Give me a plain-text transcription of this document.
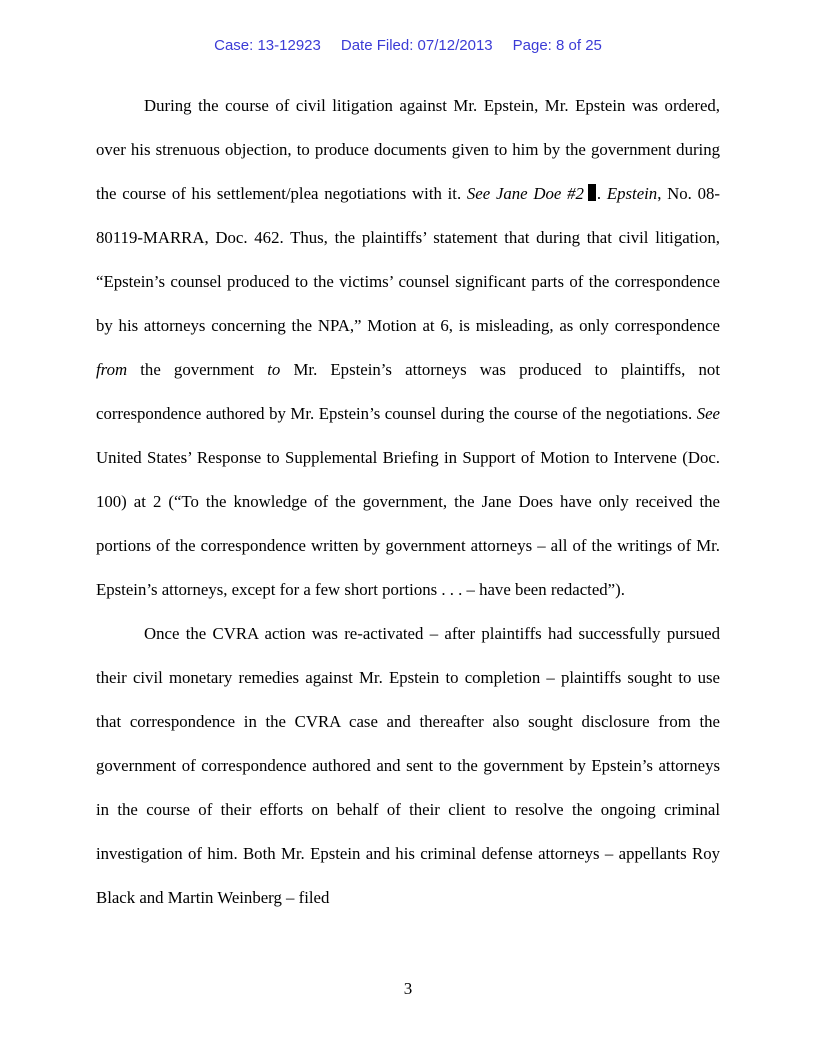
Case: 13-12923 Date Filed: 07/12/2013 Page: 8 of 25

During the course of civil litigation against Mr. Epstein, Mr. Epstein was ordered, over his strenuous objection, to produce documents given to him by the government during the course of his settlement/plea negotiations with it. See Jane Doe #2 . Epstein, No. 08-80119-MARRA, Doc. 462. Thus, the plaintiffs’ statement that during that civil litigation, “Epstein’s counsel produced to the victims’ counsel significant parts of the correspondence by his attorneys concerning the NPA,” Motion at 6, is misleading, as only correspondence from the government to Mr. Epstein’s attorneys was produced to plaintiffs, not correspondence authored by Mr. Epstein’s counsel during the course of the negotiations. See United States’ Response to Supplemental Briefing in Support of Motion to Intervene (Doc. 100) at 2 (“To the knowledge of the government, the Jane Does have only received the portions of the correspondence written by government attorneys – all of the writings of Mr. Epstein’s attorneys, except for a few short portions . . . – have been redacted”).

Once the CVRA action was re-activated – after plaintiffs had successfully pursued their civil monetary remedies against Mr. Epstein to completion – plaintiffs sought to use that correspondence in the CVRA case and thereafter also sought disclosure from the government of correspondence authored and sent to the government by Epstein’s attorneys in the course of their efforts on behalf of their client to resolve the ongoing criminal investigation of him. Both Mr. Epstein and his criminal defense attorneys – appellants Roy Black and Martin Weinberg – filed

3
